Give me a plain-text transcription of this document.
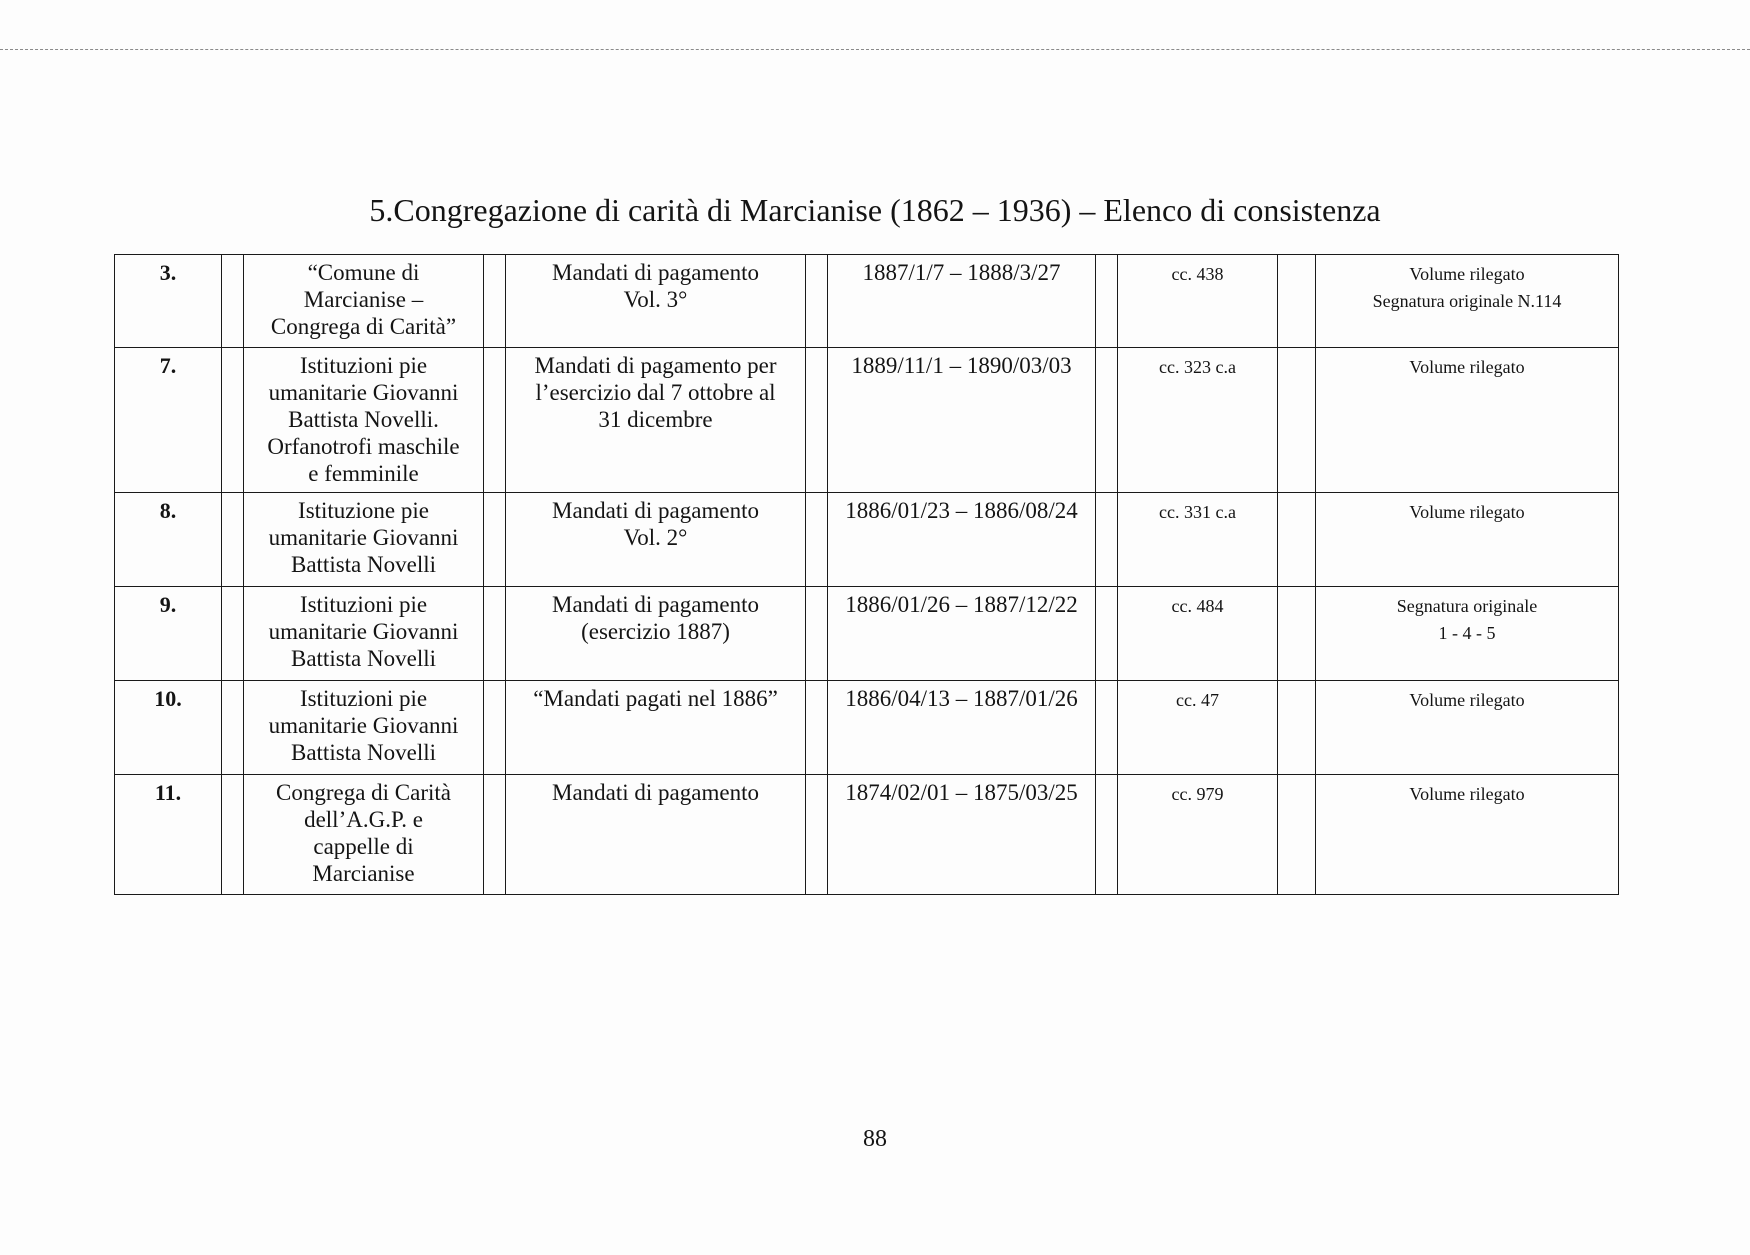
5.Congregazione di carità di Marcianise (1862 – 1936) – Elenco di consistenza
3.		“Comune di
Marcianise –
Congrega di Carità”		Mandati di pagamento
Vol. 3°		1887/1/7 – 1888/3/27		cc. 438		Volume rilegato
Segnatura originale N.114

7.		Istituzioni pie
umanitarie Giovanni
Battista Novelli.
Orfanotrofi maschile
e femminile		Mandati di pagamento per
l’esercizio dal 7 ottobre al
31 dicembre		1889/11/1 – 1890/03/03		cc. 323 c.a		Volume rilegato

8.		Istituzione pie
umanitarie Giovanni
Battista Novelli		Mandati di pagamento
Vol. 2°		1886/01/23 – 1886/08/24		cc. 331 c.a		Volume rilegato

9.		Istituzioni pie
umanitarie Giovanni
Battista Novelli		Mandati di pagamento
(esercizio 1887)		1886/01/26 – 1887/12/22		cc. 484		Segnatura originale
1 - 4 - 5

10.		Istituzioni pie
umanitarie Giovanni
Battista Novelli		“Mandati pagati nel 1886”		1886/04/13 – 1887/01/26		cc. 47		Volume rilegato

11.		Congrega di Carità
dell’A.G.P. e
cappelle di
Marcianise		Mandati di pagamento		1874/02/01 – 1875/03/25		cc. 979		Volume rilegato
88
